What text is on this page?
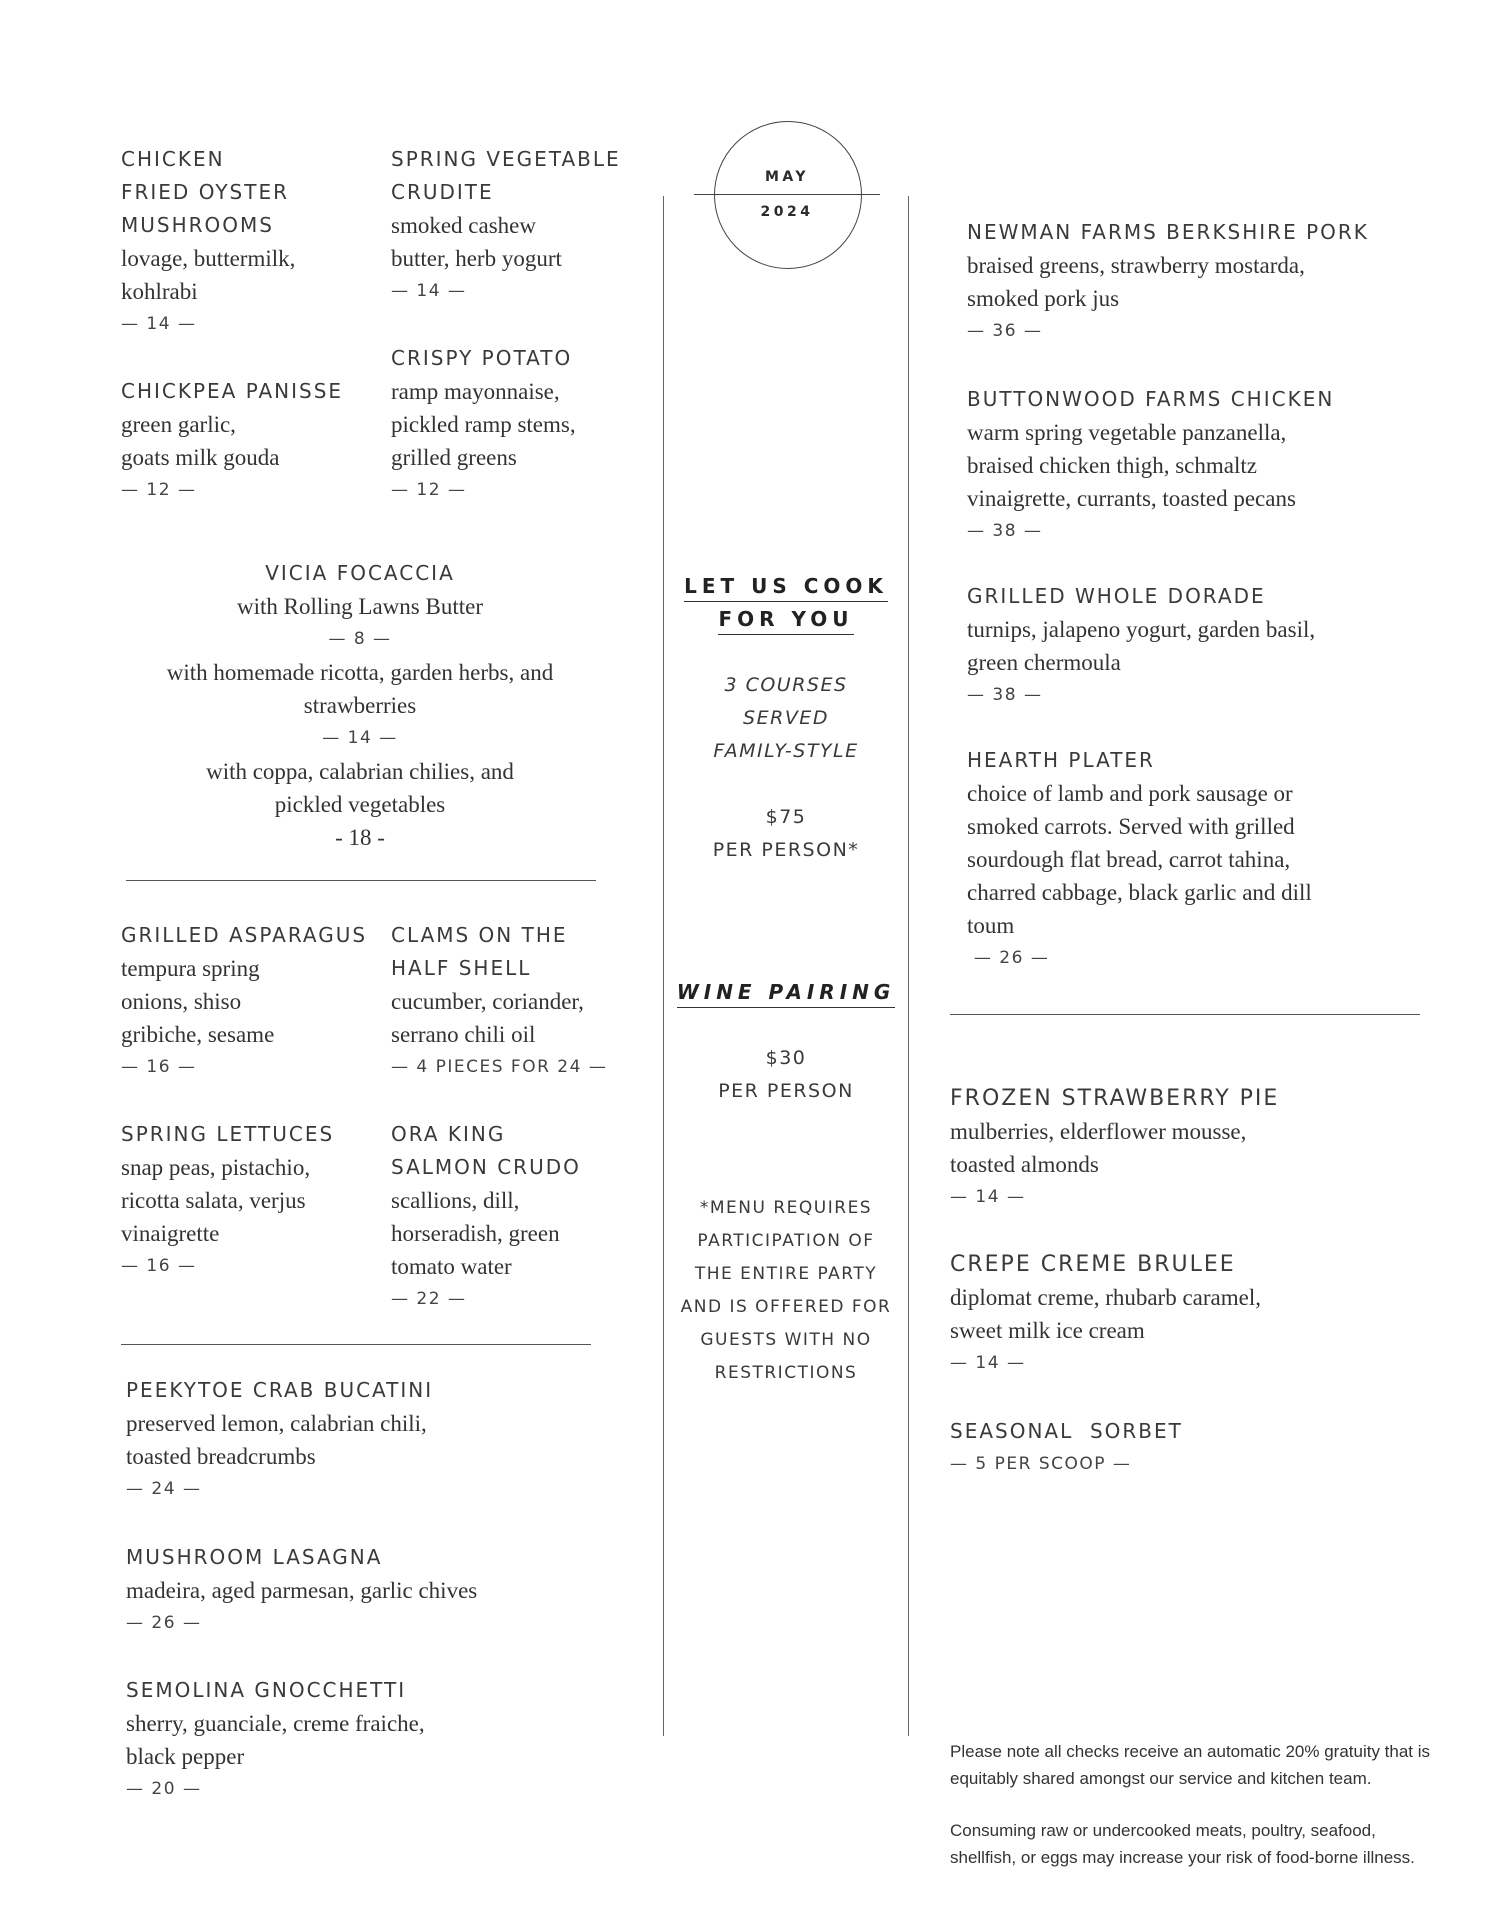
CHICKEN
FRIED OYSTER
MUSHROOMS
lovage, buttermilk,
kohlrabi
— 14 —
CHICKPEA PANISSE
green garlic,
goats milk gouda
— 12 —
SPRING VEGETABLE
CRUDITE
smoked cashew
butter, herb yogurt
— 14 —
CRISPY POTATO
ramp mayonnaise,
pickled ramp stems,
grilled greens
— 12 —
VICIA FOCACCIA
with Rolling Lawns Butter
— 8 —
with homemade ricotta, garden herbs, and
strawberries
— 14 —
with coppa, calabrian chilies, and
pickled vegetables
- 18 -
GRILLED ASPARAGUS
tempura spring
onions, shiso
gribiche, sesame
— 16 —
SPRING LETTUCES
snap peas, pistachio,
ricotta salata, verjus
vinaigrette
— 16 —
CLAMS ON THE
HALF SHELL
cucumber, coriander,
serrano chili oil
— 4 PIECES FOR 24 —
ORA KING
SALMON CRUDO
scallions, dill,
horseradish, green
tomato water
— 22 —
PEEKYTOE CRAB BUCATINI
preserved lemon, calabrian chili,
toasted breadcrumbs
— 24 —
MUSHROOM LASAGNA
madeira, aged parmesan, garlic chives
— 26 —
SEMOLINA GNOCCHETTI
sherry, guanciale, creme fraiche,
black pepper
— 20 —
MAY
2024
LET US COOK
FOR YOU
3 COURSES
SERVED
FAMILY-STYLE
$75
PER PERSON*
WINE PAIRING
$30
PER PERSON
*MENU REQUIRES
PARTICIPATION OF
THE ENTIRE PARTY
AND IS OFFERED FOR
GUESTS WITH NO
RESTRICTIONS
NEWMAN FARMS BERKSHIRE PORK
braised greens, strawberry mostarda,
smoked pork jus
— 36 —
BUTTONWOOD FARMS CHICKEN
warm spring vegetable panzanella,
braised chicken thigh, schmaltz
vinaigrette, currants, toasted pecans
— 38 —
GRILLED WHOLE DORADE
turnips, jalapeno yogurt, garden basil,
green chermoula
— 38 —
HEARTH PLATER
choice of lamb and pork sausage or
smoked carrots. Served with grilled
sourdough flat bread, carrot tahina,
charred cabbage, black garlic and dill
toum
— 26 —
FROZEN STRAWBERRY PIE
mulberries, elderflower mousse,
toasted almonds
— 14 —
CREPE CREME BRULEE
diplomat creme, rhubarb caramel,
sweet milk ice cream
— 14 —
SEASONAL  SORBET
— 5 PER SCOOP —
Please note all checks receive an automatic 20% gratuity that is
equitably shared amongst our service and kitchen team.
Consuming raw or undercooked meats, poultry, seafood,
shellfish, or eggs may increase your risk of food-borne illness.
